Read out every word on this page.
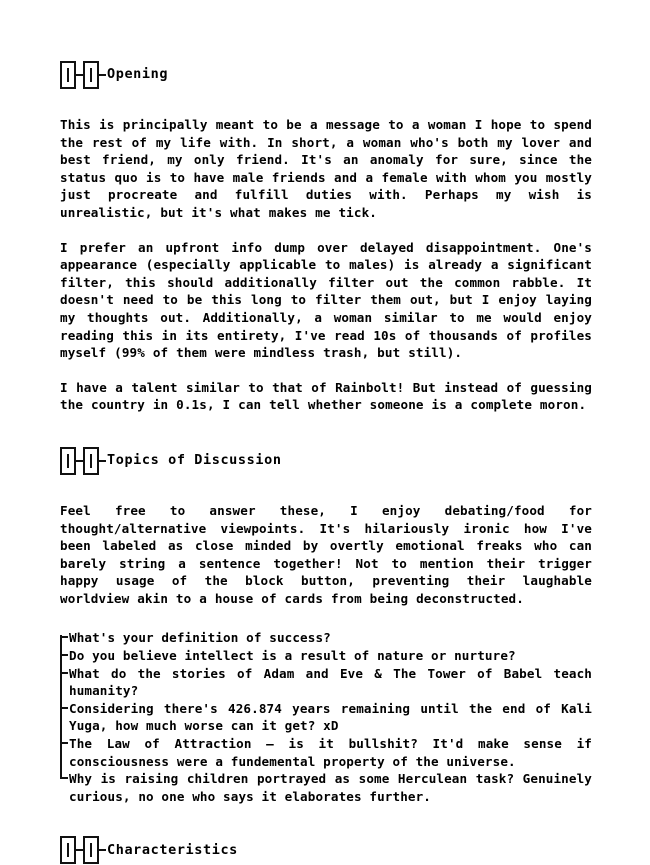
Opening

This is principally meant to be a message to a woman I hope to spend the rest of my life with. In short, a woman who's both my lover and best friend, my only friend. It's an anomaly for sure, since the status quo is to have male friends and a female with whom you mostly just procreate and fulfill duties with. Perhaps my wish is unrealistic, but it's what makes me tick.

I prefer an upfront info dump over delayed disappointment. One's appearance (especially applicable to males) is already a significant filter, this should additionally filter out the common rabble. It doesn't need to be this long to filter them out, but I enjoy laying my thoughts out. Additionally, a woman similar to me would enjoy reading this in its entirety, I've read 10s of thousands of profiles myself (99% of them were mindless trash, but still).

I have a talent similar to that of Rainbolt! But instead of guessing the country in 0.1s, I can tell whether someone is a complete moron.

Topics of Discussion

Feel free to answer these, I enjoy debating/food for thought/alternative viewpoints. It's hilariously ironic how I've been labeled as close minded by overtly emotional freaks who can barely string a sentence together! Not to mention their trigger happy usage of the block button, preventing their laughable worldview akin to a house of cards from being deconstructed.

What's your definition of success?
Do you believe intellect is a result of nature or nurture?
What do the stories of Adam and Eve & The Tower of Babel teach humanity?
Considering there's 426.874 years remaining until the end of Kali Yuga, how much worse can it get? xD
The Law of Attraction — is it bullshit? It'd make sense if consciousness were a fundemental property of the universe.
Why is raising children portrayed as some Herculean task? Genuinely curious, no one who says it elaborates further.
Characteristics
